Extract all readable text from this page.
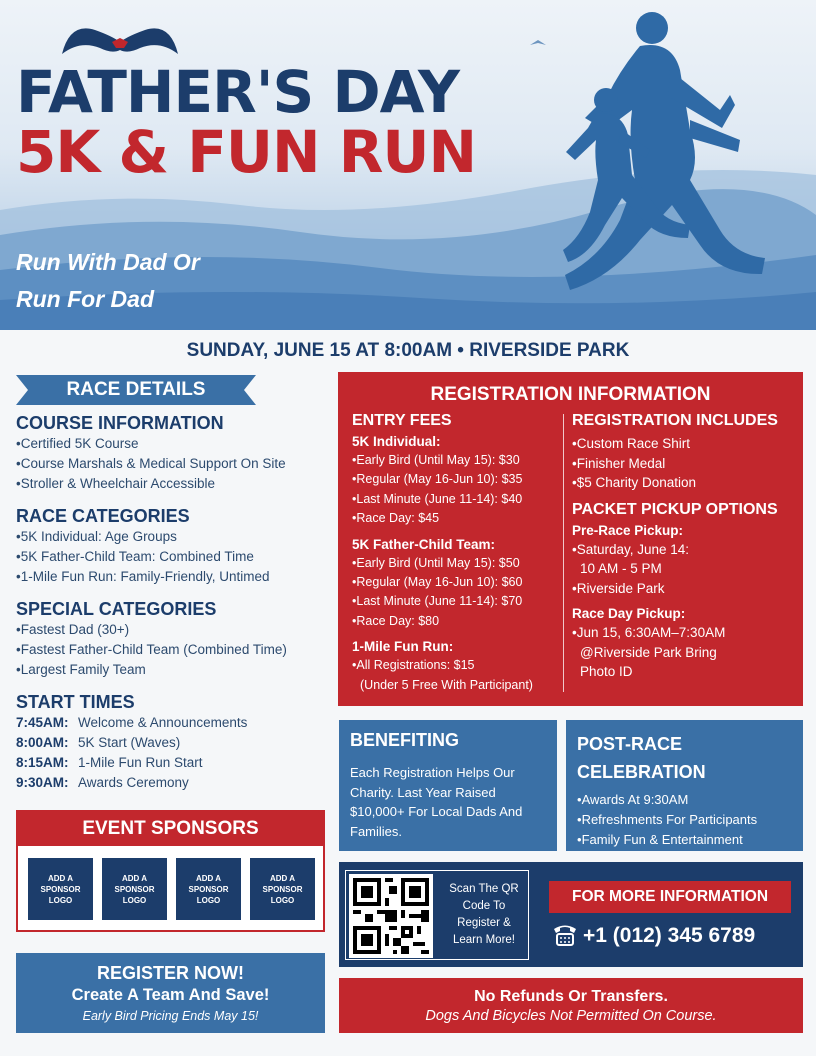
FATHER'S DAY
5K & FUN RUN
Run With Dad Or
Run For Dad
SUNDAY, JUNE 15 AT 8:00AM • RIVERSIDE PARK
RACE DETAILS
COURSE INFORMATION
• Certified 5K Course
• Course Marshals & Medical Support On Site
• Stroller & Wheelchair Accessible
RACE CATEGORIES
• 5K Individual: Age Groups
• 5K Father-Child Team: Combined Time
• 1-Mile Fun Run: Family-Friendly, Untimed
SPECIAL CATEGORIES
• Fastest Dad (30+)
• Fastest Father-Child Team (Combined Time)
• Largest Family Team
START TIMES
7:45AM: Welcome & Announcements
8:00AM: 5K Start (Waves)
8:15AM: 1-Mile Fun Run Start
9:30AM: Awards Ceremony
EVENT SPONSORS
ADD A SPONSOR LOGO
ADD A SPONSOR LOGO
ADD A SPONSOR LOGO
ADD A SPONSOR LOGO
REGISTER NOW!
Create A Team And Save!
Early Bird Pricing Ends May 15!
REGISTRATION INFORMATION
ENTRY FEES
5K Individual:
• Early Bird (Until May 15): $30
• Regular (May 16-Jun 10): $35
• Last Minute (June 11-14): $40
• Race Day: $45
5K Father-Child Team:
• Early Bird (Until May 15): $50
• Regular (May 16-Jun 10): $60
• Last Minute (June 11-14): $70
• Race Day: $80
1-Mile Fun Run:
• All Registrations: $15
(Under 5 Free With Participant)
REGISTRATION INCLUDES
• Custom Race Shirt
• Finisher Medal
• $5 Charity Donation
PACKET PICKUP OPTIONS
Pre-Race Pickup:
• Saturday, June 14:
10 AM - 5 PM
• Riverside Park
Race Day Pickup:
• Jun 15, 6:30AM–7:30AM
@Riverside Park Bring
Photo ID
BENEFITING
Each Registration Helps Our Charity. Last Year Raised $10,000+ For Local Dads And Families.
POST-RACE CELEBRATION
• Awards At 9:30AM
• Refreshments For Participants
• Family Fun & Entertainment
Scan The QR Code To Register & Learn More!
FOR MORE INFORMATION
+1 (012) 345 6789
No Refunds Or Transfers.
Dogs And Bicycles Not Permitted On Course.
